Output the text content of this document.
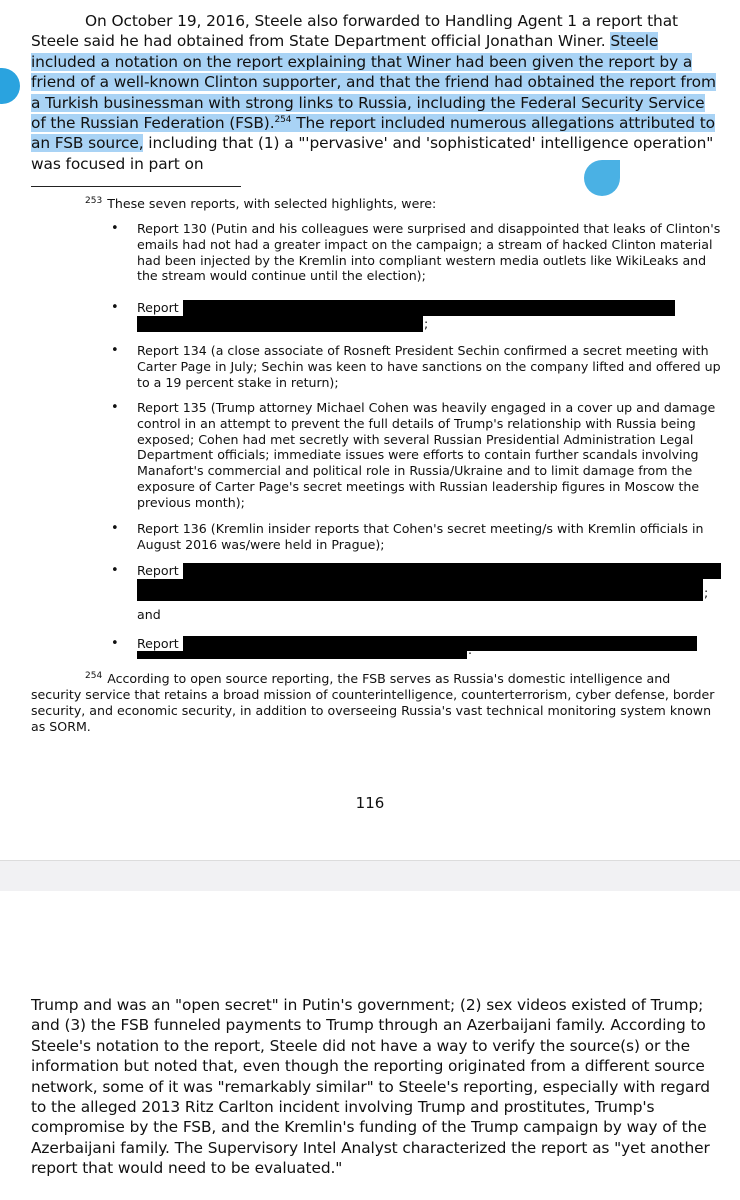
On October 19, 2016, Steele also forwarded to Handling Agent 1 a report that Steele said he had obtained from State Department official Jonathan Winer. Steele included a notation on the report explaining that Winer had been given the report by a friend of a well-known Clinton supporter, and that the friend had obtained the report from a Turkish businessman with strong links to Russia, including the Federal Security Service of the Russian Federation (FSB).$^{254}$ The report included numerous allegations attributed to an FSB source, including that (1) a "'pervasive' and 'sophisticated' intelligence operation" was focused in part on

$^{253}$ These seven reports, with selected highlights, were:

• Report 130 (Putin and his colleagues were surprised and disappointed that leaks of Clinton's emails had not had a greater impact on the campaign; a stream of hacked Clinton material had been injected by the Kremlin into compliant western media outlets like WikiLeaks and the stream would continue until the election);
• Report
;
• Report 134 (a close associate of Rosneft President Sechin confirmed a secret meeting with Carter Page in July; Sechin was keen to have sanctions on the company lifted and offered up to a 19 percent stake in return);
• Report 135 (Trump attorney Michael Cohen was heavily engaged in a cover up and damage control in an attempt to prevent the full details of Trump's relationship with Russia being exposed; Cohen had met secretly with several Russian Presidential Administration Legal Department officials; immediate issues were efforts to contain further scandals involving Manafort's commercial and political role in Russia/Ukraine and to limit damage from the exposure of Carter Page's secret meetings with Russian leadership figures in Moscow the previous month);
• Report 136 (Kremlin insider reports that Cohen's secret meeting/s with Kremlin officials in August 2016 was/were held in Prague);
• Report
;
and
• Report	.

$^{254}$ According to open source reporting, the FSB serves as Russia's domestic intelligence and security service that retains a broad mission of counterintelligence, counterterrorism, cyber defense, border security, and economic security, in addition to overseeing Russia's vast technical monitoring system known as SORM.

116

Trump and was an "open secret" in Putin's government; (2) sex videos existed of Trump; and (3) the FSB funneled payments to Trump through an Azerbaijani family. According to Steele's notation to the report, Steele did not have a way to verify the source(s) or the information but noted that, even though the reporting originated from a different source network, some of it was "remarkably similar" to Steele's reporting, especially with regard to the alleged 2013 Ritz Carlton incident involving Trump and prostitutes, Trump's compromise by the FSB, and the Kremlin's funding of the Trump campaign by way of the Azerbaijani family. The Supervisory Intel Analyst characterized the report as "yet another report that would need to be evaluated."
